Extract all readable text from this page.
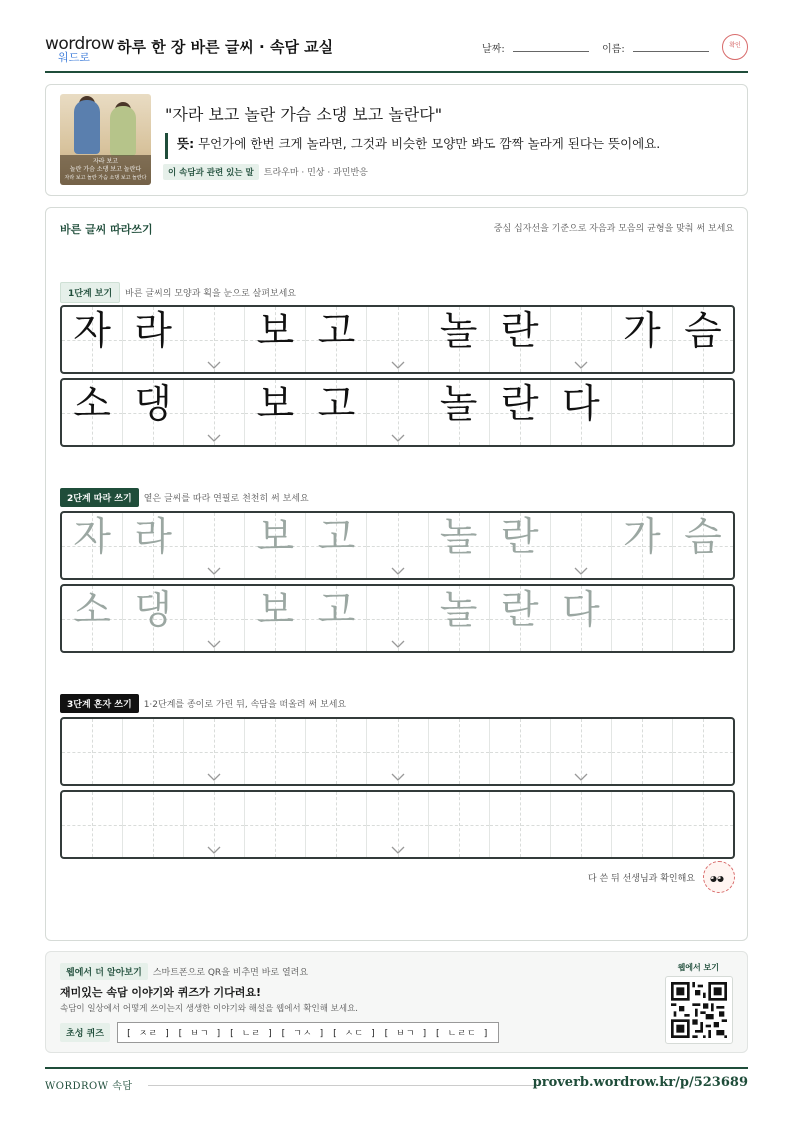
wordrow
워드로
하루 한 장 바른 글씨 · 속담 교실	날짜:	이름:	확인
자라 보고
놀란 가슴 소댕 보고 놀란다
자라 보고 놀란 가슴 소댕 보고 놀란다
"자라 보고 놀란 가슴 소댕 보고 놀란다"
뜻: 무언가에 한번 크게 놀라면, 그것과 비슷한 모양만 봐도 깜짝 놀라게 된다는 뜻이에요.
이 속담과 관련 있는 말 트라우마 · 민상 · 과민반응
바른 글씨 따라쓰기	중심 십자선을 기준으로 자음과 모음의 균형을 맞춰 써 보세요
1단계 보기 바른 글씨의 모양과 획을 눈으로 살펴보세요
자 라 보 고 놀 란 가 슴
소 댕 보 고 놀 란 다
2단계 따라 쓰기 옅은 글씨를 따라 연필로 천천히 써 보세요
자 라 보 고 놀 란 가 슴
소 댕 보 고 놀 란 다
3단계 혼자 쓰기 1·2단계를 종이로 가린 뒤, 속담을 떠올려 써 보세요
다 쓴 뒤 선생님과 확인해요 ◕◕
웹에서 더 알아보기 스마트폰으로 QR을 비추면 바로 열려요
재미있는 속담 이야기와 퀴즈가 기다려요!
속담이 일상에서 어떻게 쓰이는지 생생한 이야기와 해설을 웹에서 확인해 보세요.
초성 퀴즈	[ ㅈㄹ ] [ ㅂㄱ ] [ ㄴㄹ ] [ ㄱㅅ ] [ ㅅㄷ ] [ ㅂㄱ ] [ ㄴㄹㄷ ]
웹에서 보기
WORDROW 속담	proverb.wordrow.kr/p/523689
